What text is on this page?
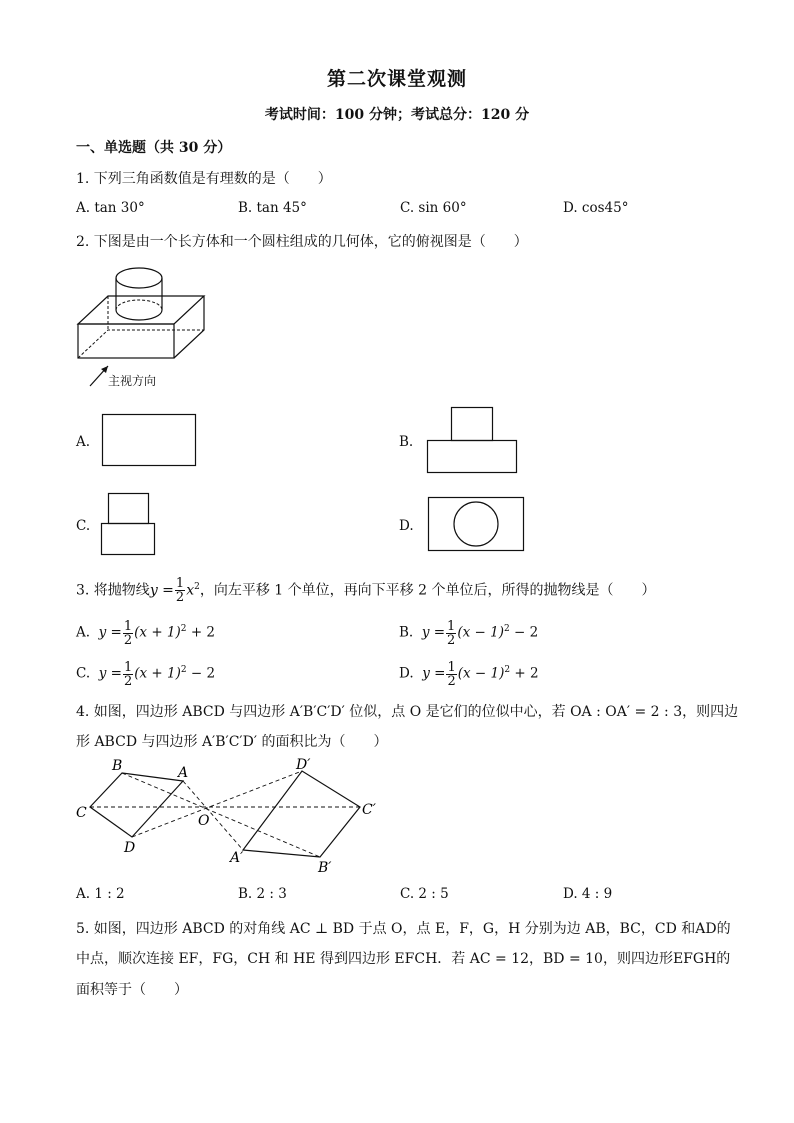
第二次课堂观测
考试时间：100 分钟；考试总分：120 分
一、单选题（共 30 分）
1. 下列三角函数值是有理数的是（　　）
A. tan 30°	B. tan 45°	C. sin 60°	D. cos45°
2. 下图是由一个长方体和一个圆柱组成的几何体，它的俯视图是（　　）
主视方向
A.	B.
C.	D.
3. 将抛物线$y = \frac{1}{2} x^2$，向左平移 1 个单位，再向下平移 2 个单位后，所得的抛物线是（　　）
A. $y = \frac{1}{2} (x + 1)^2 + 2$	B. $y = \frac{1}{2} (x - 1)^2 - 2$
C. $y = \frac{1}{2} (x + 1)^2 - 2$	D. $y = \frac{1}{2} (x - 1)^2 + 2$
4. 如图，四边形 ABCD 与四边形 A′B′C′D′ 位似，点 O 是它们的位似中心，若 OA : OA′ = 2 : 3，则四边
形 ABCD 与四边形 A′B′C′D′ 的面积比为（　　）
A
B
C
D
O
A′
B′
C′
D′
A. 1 : 2	B. 2 : 3	C. 2 : 5	D. 4 : 9
5. 如图，四边形 ABCD 的对角线 AC ⊥ BD 于点 O，点 E，F，G，H 分别为边 AB，BC，CD 和AD的
中点，顺次连接 EF，FG，CH 和 HE 得到四边形 EFCH．若 AC = 12，BD = 10，则四边形EFGH的
面积等于（　　）
